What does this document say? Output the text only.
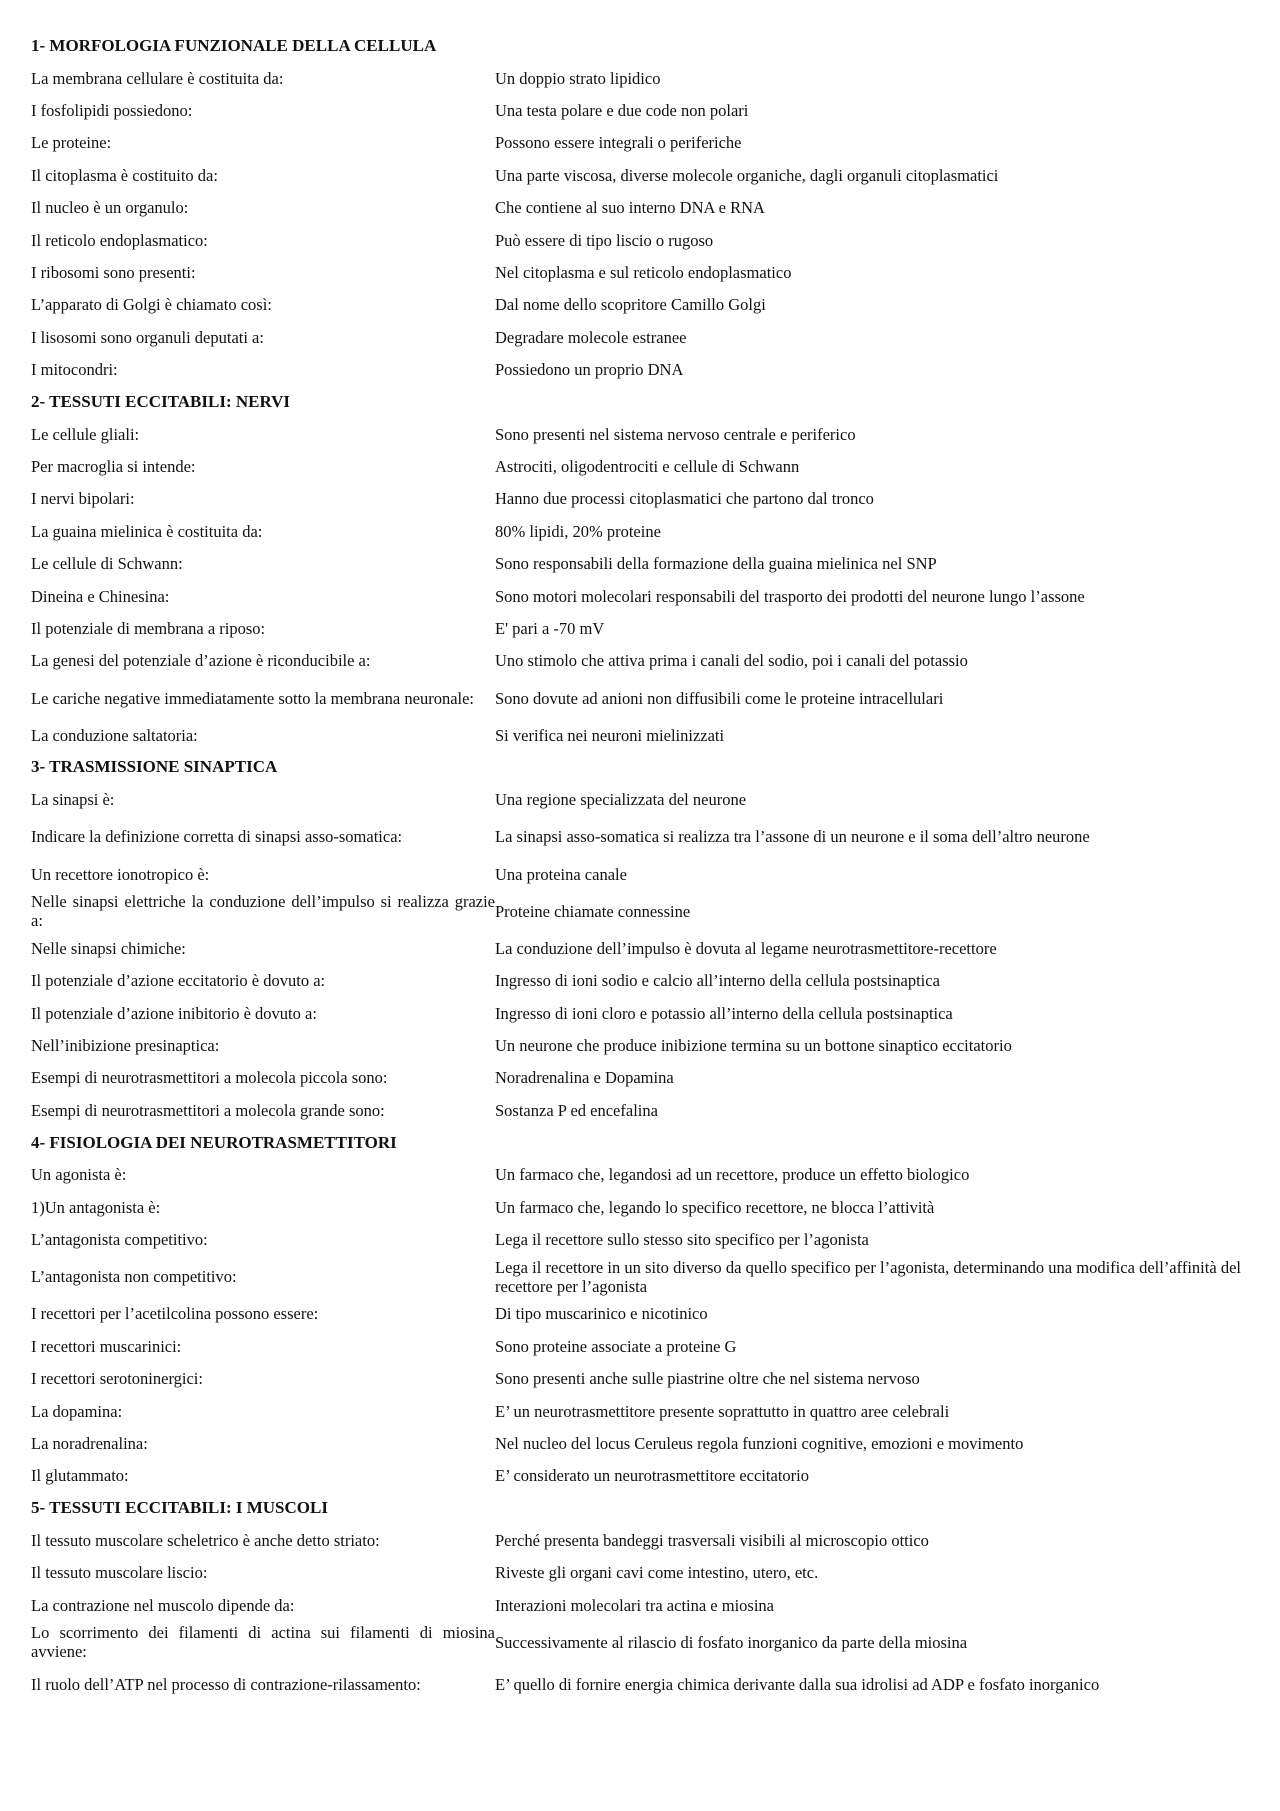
1- MORFOLOGIA FUNZIONALE DELLA CELLULA
La membrana cellulare è costituita da:	Un doppio strato lipidico
I fosfolipidi possiedono:	Una testa polare e due code non polari
Le proteine:	Possono essere integrali o periferiche
Il citoplasma è costituito da:	Una parte viscosa, diverse molecole organiche, dagli organuli citoplasmatici
Il nucleo è un organulo:	Che contiene al suo interno DNA e RNA
Il reticolo endoplasmatico:	Può essere di tipo liscio o rugoso
I ribosomi sono presenti:	Nel citoplasma e sul reticolo endoplasmatico
L’apparato di Golgi è chiamato così:	Dal nome dello scopritore Camillo Golgi
I lisosomi sono organuli deputati a:	Degradare molecole estranee
I mitocondri:	Possiedono un proprio DNA
2- TESSUTI ECCITABILI: NERVI
Le cellule gliali:	Sono presenti nel sistema nervoso centrale e periferico
Per macroglia si intende:	Astrociti, oligodentrociti e cellule di Schwann
I nervi bipolari:	Hanno due processi citoplasmatici che partono dal tronco
La guaina mielinica è costituita da:	80% lipidi, 20% proteine
Le cellule di Schwann:	Sono responsabili della formazione della guaina mielinica nel SNP
Dineina e Chinesina:	Sono motori molecolari responsabili del trasporto dei prodotti del neurone lungo l’assone
Il potenziale di membrana a riposo:	E' pari a -70 mV
La genesi del potenziale d’azione è riconducibile a:	Uno stimolo che attiva prima i canali del sodio, poi i canali del potassio
Le cariche negative immediatamente sotto la membrana neuronale:	Sono dovute ad anioni non diffusibili come le proteine intracellulari
La conduzione saltatoria:	Si verifica nei neuroni mielinizzati
3- TRASMISSIONE SINAPTICA
La sinapsi è:	Una regione specializzata del neurone
Indicare la definizione corretta di sinapsi asso-somatica:	La sinapsi asso-somatica si realizza tra l’assone di un neurone e il soma dell’altro neurone
Un recettore ionotropico è:	Una proteina canale
Nelle sinapsi elettriche la conduzione dell’impulso si realizza grazie a:	Proteine chiamate connessine
Nelle sinapsi chimiche:	La conduzione dell’impulso è dovuta al legame neurotrasmettitore-recettore
Il potenziale d’azione eccitatorio è dovuto a:	Ingresso di ioni sodio e calcio all’interno della cellula postsinaptica
Il potenziale d’azione inibitorio è dovuto a:	Ingresso di ioni cloro e potassio all’interno della cellula postsinaptica
Nell’inibizione presinaptica:	Un neurone che produce inibizione termina su un bottone sinaptico eccitatorio
Esempi di neurotrasmettitori a molecola piccola sono:	Noradrenalina e Dopamina
Esempi di neurotrasmettitori a molecola grande sono:	Sostanza P ed encefalina
4- FISIOLOGIA DEI NEUROTRASMETTITORI
Un agonista è:	Un farmaco che, legandosi ad un recettore, produce un effetto biologico
1)Un antagonista è:	Un farmaco che, legando lo specifico recettore, ne blocca l’attività
L’antagonista competitivo:	Lega il recettore sullo stesso sito specifico per l’agonista
L’antagonista non competitivo:	Lega il recettore in un sito diverso da quello specifico per l’agonista, determinando una modifica dell’affinità del recettore per l’agonista
I recettori per l’acetilcolina possono essere:	Di tipo muscarinico e nicotinico
I recettori muscarinici:	Sono proteine associate a proteine G
I recettori serotoninergici:	Sono presenti anche sulle piastrine oltre che nel sistema nervoso
La dopamina:	E’ un neurotrasmettitore presente soprattutto in quattro aree celebrali
La noradrenalina:	Nel nucleo del locus Ceruleus regola funzioni cognitive, emozioni e movimento
Il glutammato:	E’ considerato un neurotrasmettitore eccitatorio
5- TESSUTI ECCITABILI: I MUSCOLI
Il tessuto muscolare scheletrico è anche detto striato:	Perché presenta bandeggi trasversali visibili al microscopio ottico
Il tessuto muscolare liscio:	Riveste gli organi cavi come intestino, utero, etc.
La contrazione nel muscolo dipende da:	Interazioni molecolari tra actina e miosina
Lo scorrimento dei filamenti di actina sui filamenti di miosina avviene:	Successivamente al rilascio di fosfato inorganico da parte della miosina
Il ruolo dell’ATP nel processo di contrazione-rilassamento:	E’ quello di fornire energia chimica derivante dalla sua idrolisi ad ADP e fosfato inorganico
